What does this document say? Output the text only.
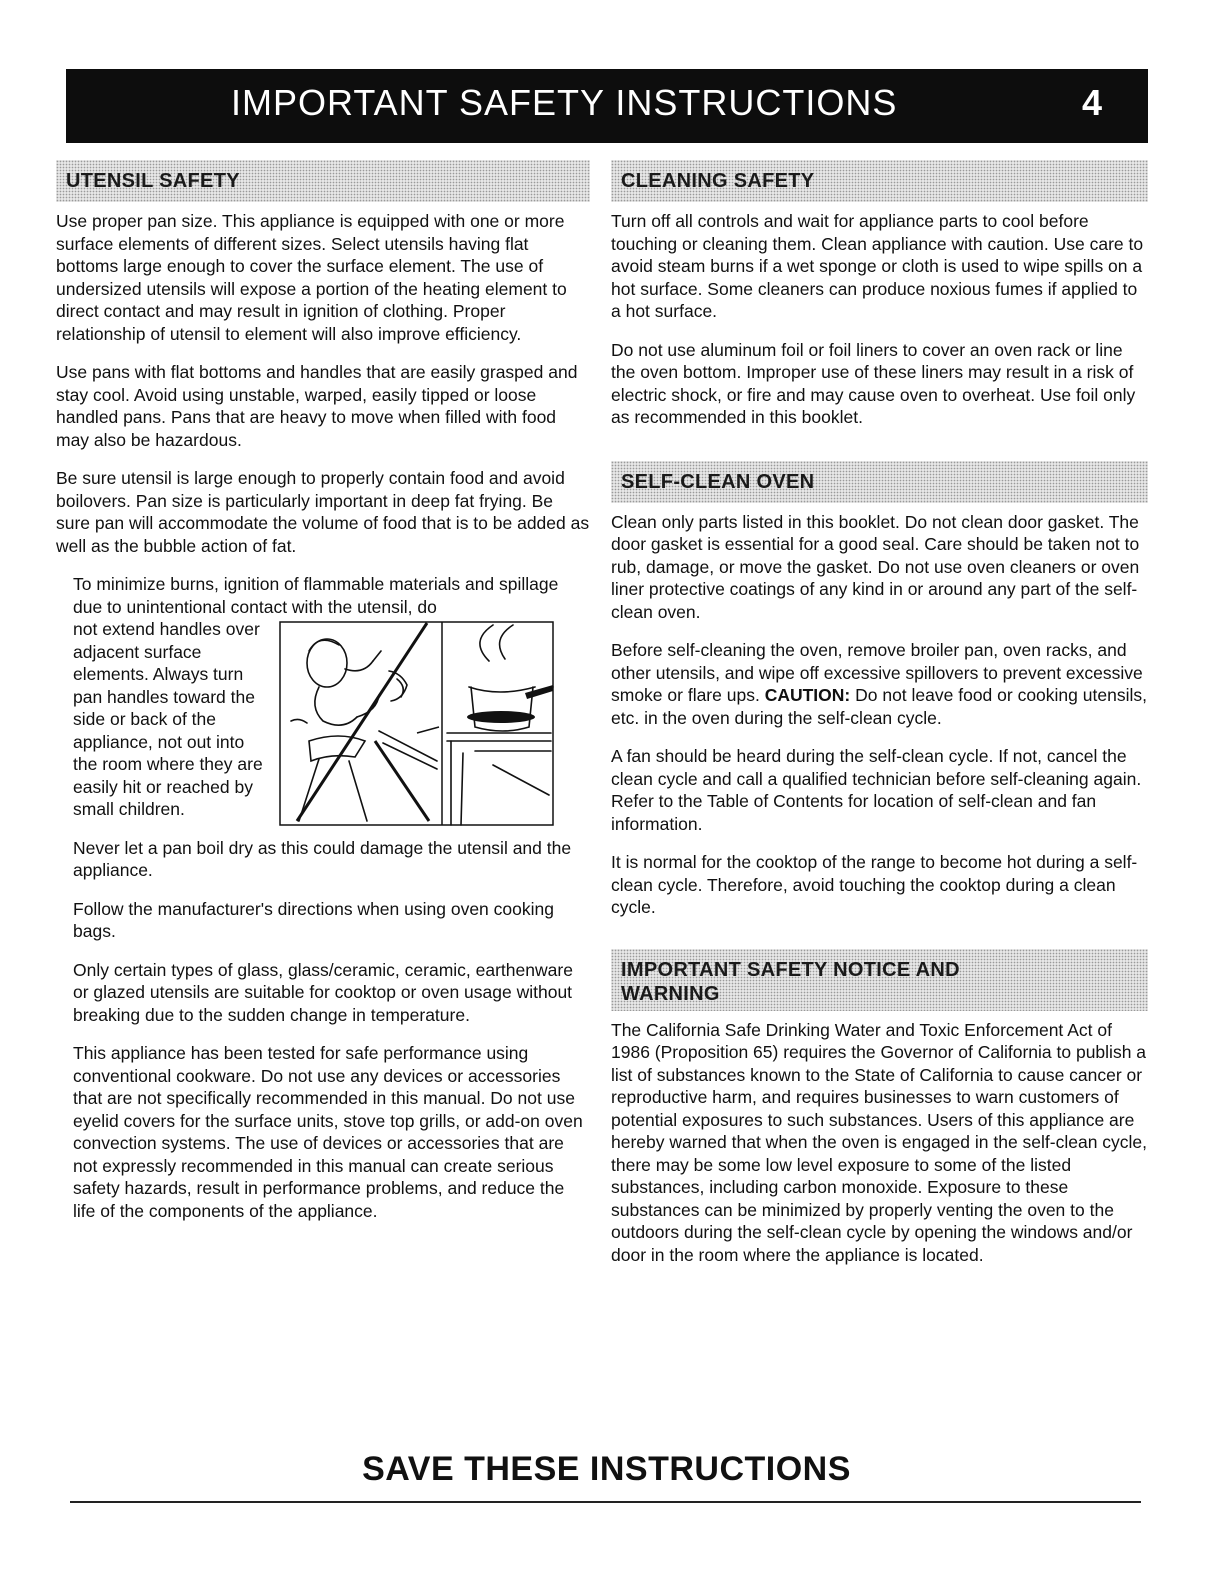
IMPORTANT SAFETY INSTRUCTIONS	4
UTENSIL SAFETY

Use proper pan size. This appliance is equipped with one or more surface elements of different sizes. Select utensils having flat bottoms large enough to cover the surface element. The use of undersized utensils will expose a portion of the heating element to direct contact and may result in ignition of clothing. Proper relationship of utensil to element will also improve efficiency.

Use pans with flat bottoms and handles that are easily grasped and stay cool. Avoid using unstable, warped, easily tipped or loose handled pans. Pans that are heavy to move when filled with food may also be hazardous.

Be sure utensil is large enough to properly contain food and avoid boilovers. Pan size is particularly important in deep fat frying. Be sure pan will accommodate the volume of food that is to be added as well as the bubble action of fat.

To minimize burns, ignition of flammable materials and spillage due to unintentional contact with the utensil, do

not extend handles over adjacent surface elements. Always turn pan handles toward the side or back of the appliance, not out into the room where they are easily hit or reached by small children.

Never let a pan boil dry as this could damage the utensil and the appliance.

Follow the manufacturer's directions when using oven cooking bags.

Only certain types of glass, glass/ceramic, ceramic, earthenware or glazed utensils are suitable for cooktop or oven usage without breaking due to the sudden change in temperature.

This appliance has been tested for safe performance using conventional cookware. Do not use any devices or accessories that are not specifically recommended in this manual. Do not use eyelid covers for the surface units, stove top grills, or add-on oven convection systems. The use of devices or accessories that are not expressly recommended in this manual can create serious safety hazards, result in performance problems, and reduce the life of the components of the appliance.

CLEANING SAFETY

Turn off all controls and wait for appliance parts to cool before touching or cleaning them. Clean appliance with caution. Use care to avoid steam burns if a wet sponge or cloth is used to wipe spills on a hot surface. Some cleaners can produce noxious fumes if applied to a hot surface.

Do not use aluminum foil or foil liners to cover an oven rack or line the oven bottom. Improper use of these liners may result in a risk of electric shock, or fire and may cause oven to overheat. Use foil only as recommended in this booklet.

SELF-CLEAN OVEN

Clean only parts listed in this booklet. Do not clean door gasket. The door gasket is essential for a good seal. Care should be taken not to rub, damage, or move the gasket. Do not use oven cleaners or oven liner protective coatings of any kind in or around any part of the self-clean oven.

Before self-cleaning the oven, remove broiler pan, oven racks, and other utensils, and wipe off excessive spillovers to prevent excessive smoke or flare ups. CAUTION: Do not leave food or cooking utensils, etc. in the oven during the self-clean cycle.

A fan should be heard during the self-clean cycle. If not, cancel the clean cycle and call a qualified technician before self-cleaning again. Refer to the Table of Contents for location of self-clean and fan information.

It is normal for the cooktop of the range to become hot during a self-clean cycle. Therefore, avoid touching the cooktop during a clean cycle.

IMPORTANT SAFETY NOTICE AND
WARNING

The California Safe Drinking Water and Toxic Enforcement Act of 1986 (Proposition 65) requires the Governor of California to publish a list of substances known to the State of California to cause cancer or reproductive harm, and requires businesses to warn customers of potential exposures to such substances. Users of this appliance are hereby warned that when the oven is engaged in the self-clean cycle, there may be some low level exposure to some of the listed substances, including carbon monoxide. Exposure to these substances can be minimized by properly venting the oven to the outdoors during the self-clean cycle by opening the windows and/or door in the room where the appliance is located.

SAVE THESE INSTRUCTIONS
